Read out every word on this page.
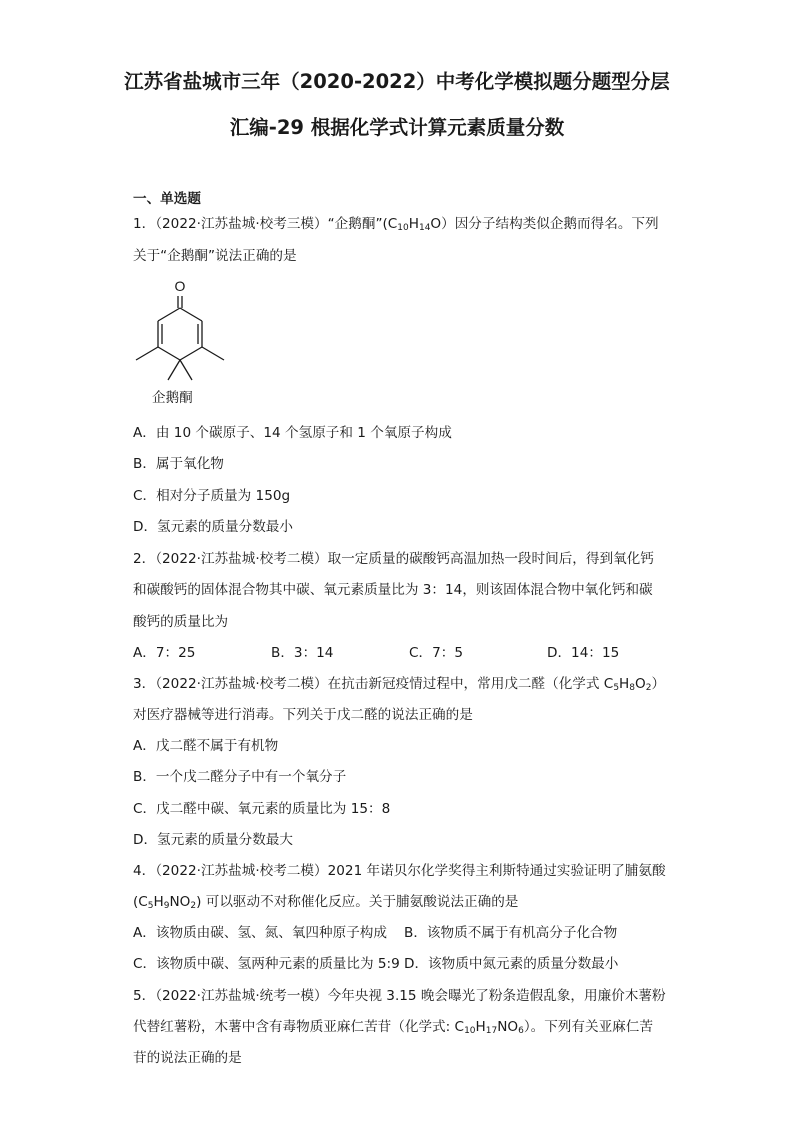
江苏省盐城市三年（2020-2022）中考化学模拟题分题型分层
汇编-29 根据化学式计算元素质量分数
一、单选题
1．（2022·江苏盐城·校考三模）“企鹅酮$”(C_{10}H_{14}O)$因分子结构类似企鹅而得名。下列
关于“企鹅酮”说法正确的是
O
企鹅酮
A．由 10 个碳原子、14 个氢原子和 1 个氧原子构成
B．属于氧化物
C．相对分子质量为 150g
D．氢元素的质量分数最小
2．（2022·江苏盐城·校考二模）取一定质量的碳酸钙高温加热一段时间后，得到氧化钙
和碳酸钙的固体混合物其中碳、氧元素质量比为 3：14，则该固体混合物中氧化钙和碳
酸钙的质量比为
A．7：25	B．3：14	C．7：5	D．14：15
3．（2022·江苏盐城·校考二模）在抗击新冠疫情过程中，常用戊二醛（化学式 $C_5H_8O_2$）
对医疗器械等进行消毒。下列关于戊二醛的说法正确的是
A．戊二醛不属于有机物
B．一个戊二醛分子中有一个氧分子
C．戊二醛中碳、氧元素的质量比为 15：8
D．氢元素的质量分数最大
4．（2022·江苏盐城·校考二模）2021 年诺贝尔化学奖得主利斯特通过实验证明了脯氨酸
$(C_5H_9NO_2)$ 可以驱动不对称催化反应。关于脯氨酸说法正确的是
A．该物质由碳、氢、氮、氧四种原子构成 B．该物质不属于有机高分子化合物
C．该物质中碳、氢两种元素的质量比为 5:9 D．该物质中氮元素的质量分数最小
5．（2022·江苏盐城·统考一模）今年央视 3.15 晚会曝光了粉条造假乱象，用廉价木薯粉
代替红薯粉，木薯中含有毒物质亚麻仁苦苷（化学式: $C_{10}H_{17}NO_6$）。下列有关亚麻仁苦
苷的说法正确的是
